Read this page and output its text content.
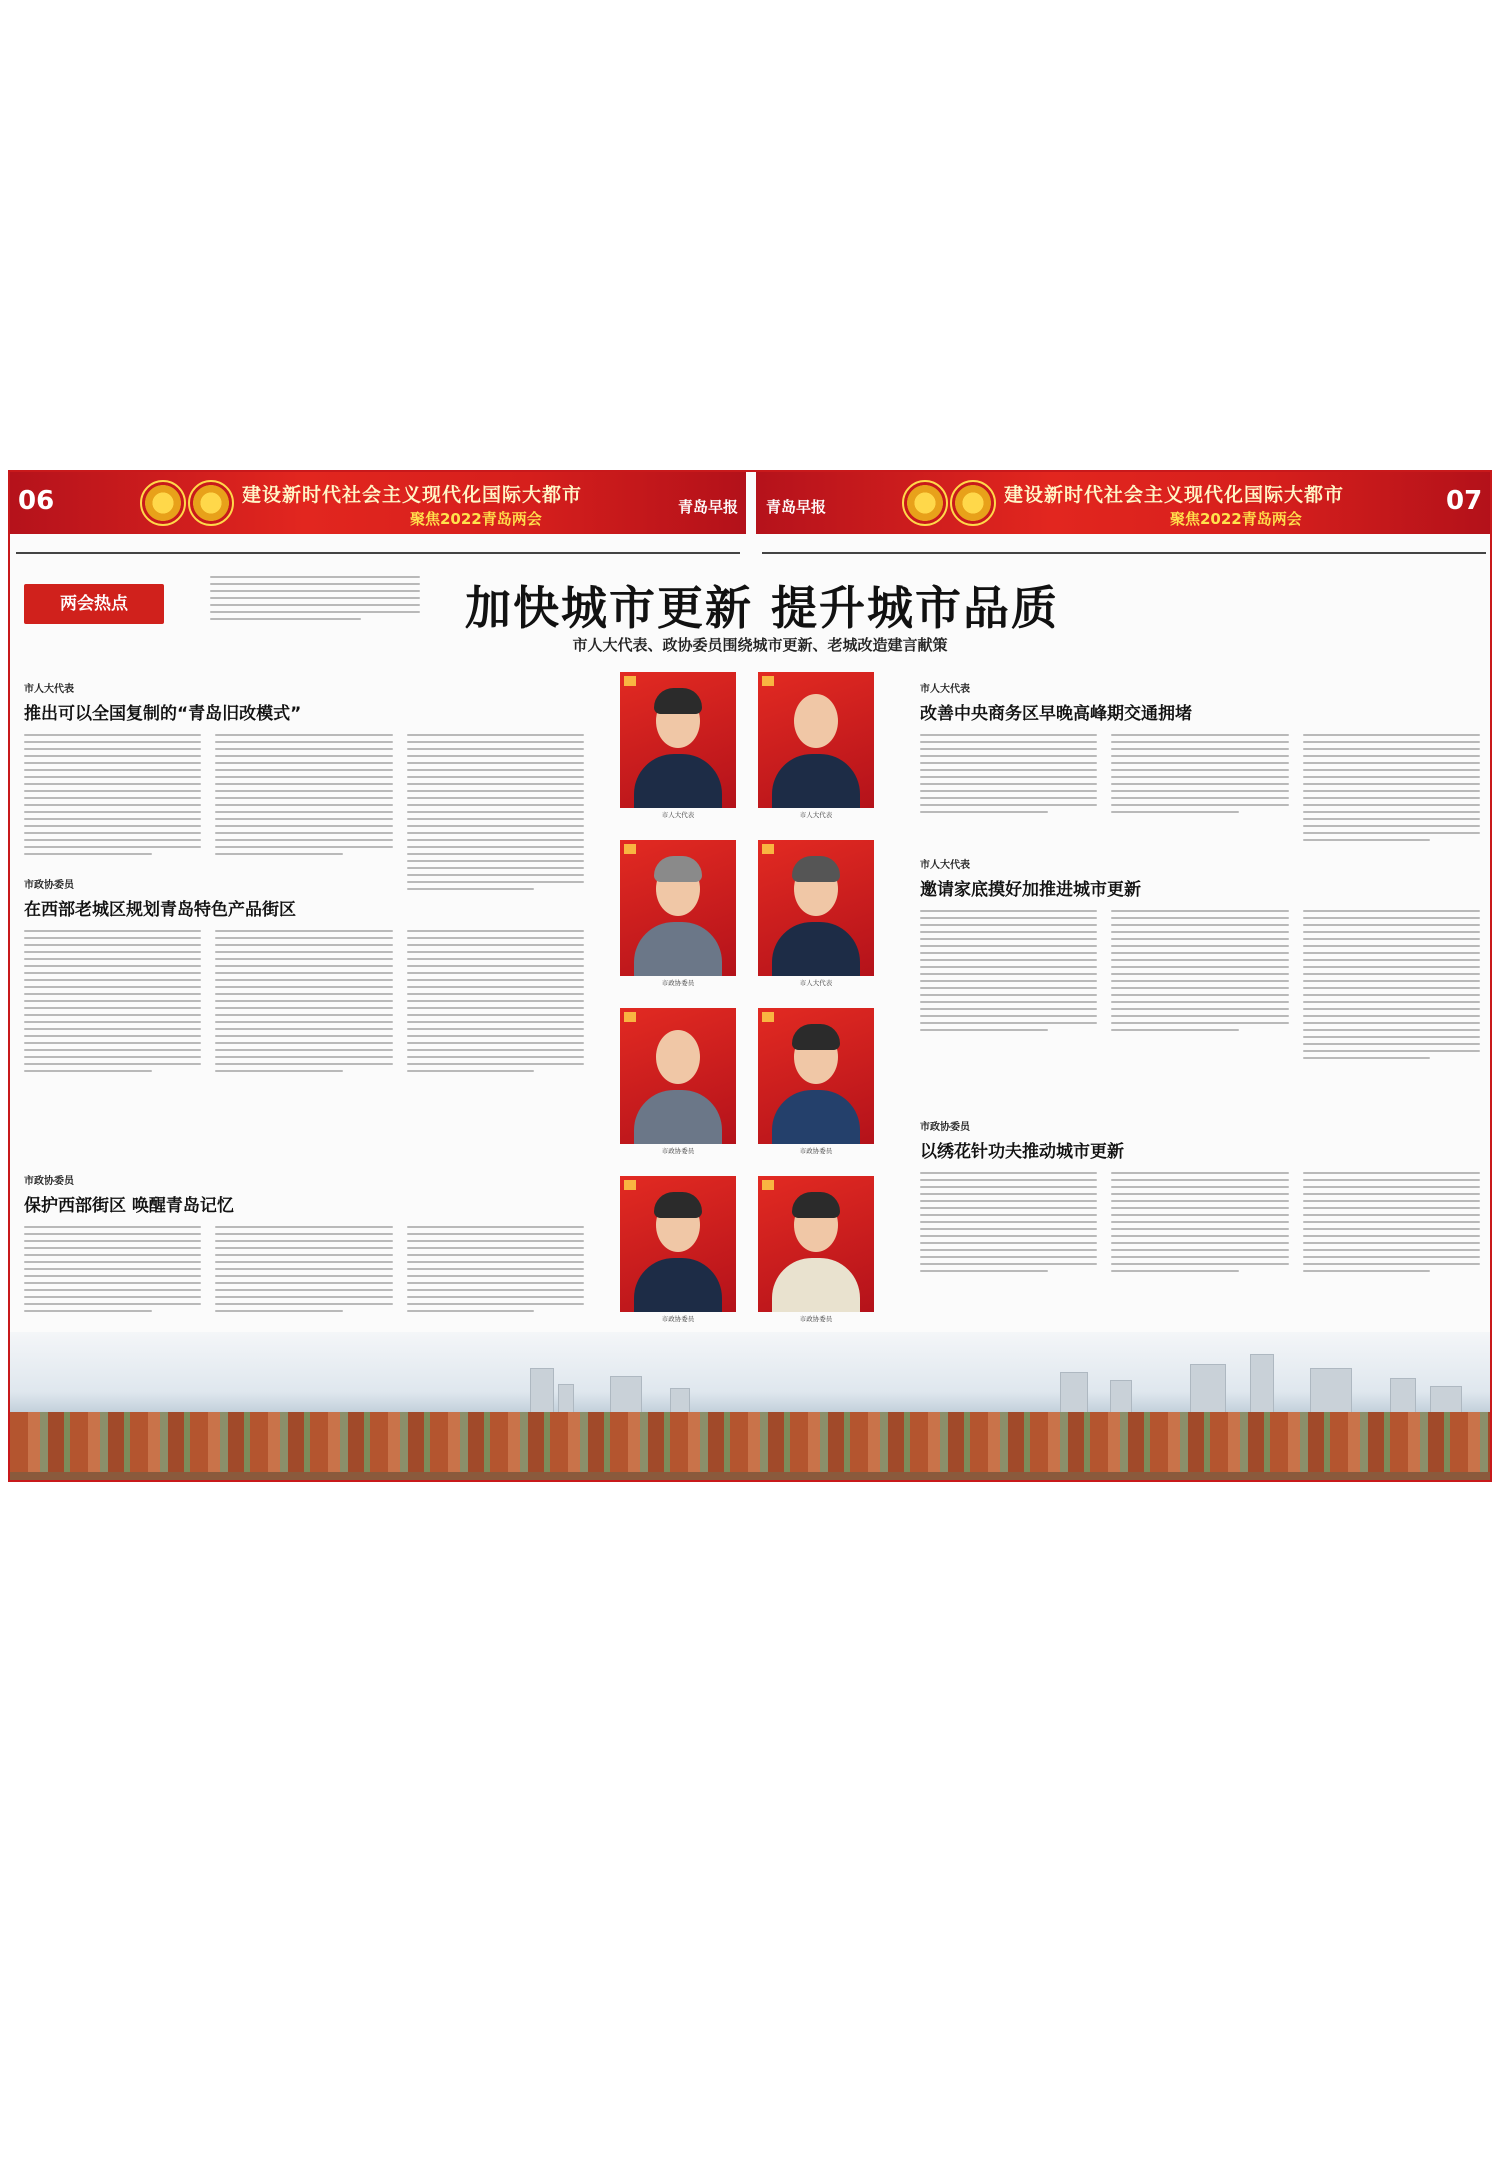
06	建设新时代社会主义现代化国际大都市
聚焦2022青岛两会
青岛早报 青岛早报
建设新时代社会主义现代化国际大都市
聚焦2022青岛两会
07
两会热点	加快城市更新 提升城市品质
市人大代表、政协委员围绕城市更新、老城改造建言献策
市人大代表
推出可以全国复制的“青岛旧改模式”
市政协委员
在西部老城区规划青岛特色产品街区
市政协委员
保护西部街区 唤醒青岛记忆
市人大代表	市人大代表
市政协委员	市人大代表
市政协委员	市政协委员
市政协委员	市政协委员
市人大代表
改善中央商务区早晚高峰期交通拥堵
市人大代表
邀请家底摸好加推进城市更新
市政协委员
以绣花针功夫推动城市更新
